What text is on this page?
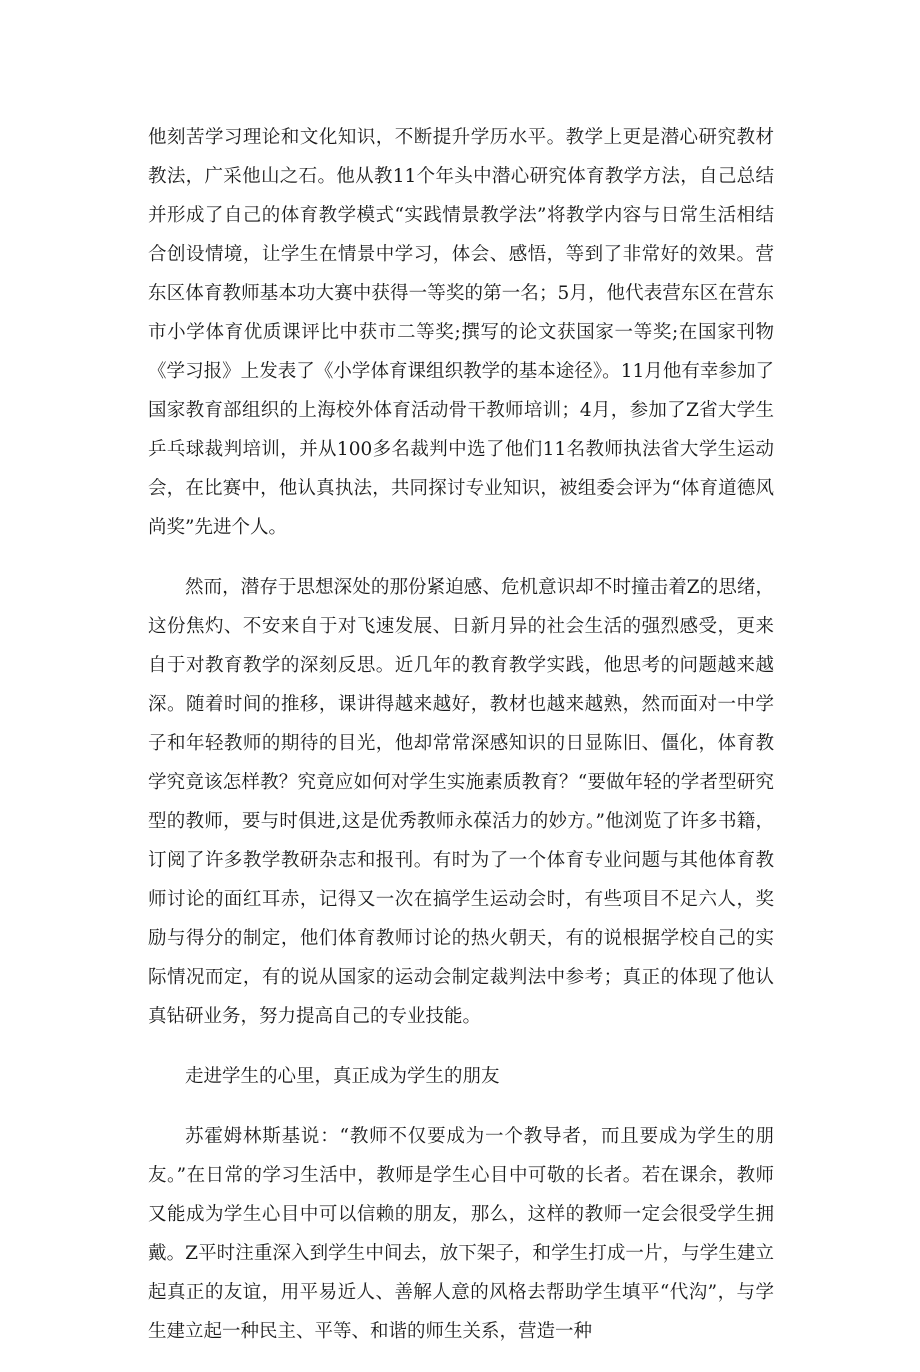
他刻苦学习理论和文化知识，不断提升学历水平。教学上更是潜心研究教材教法，广采他山之石。他从教11个年头中潜心研究体育教学方法，自己总结并形成了自己的体育教学模式“实践情景教学法”将教学内容与日常生活相结合创设情境，让学生在情景中学习，体会、感悟，等到了非常好的效果。营东区体育教师基本功大赛中获得一等奖的第一名；5月，他代表营东区在营东市小学体育优质课评比中获市二等奖;撰写的论文获国家一等奖;在国家刊物《学习报》上发表了《小学体育课组织教学的基本途径》。11月他有幸参加了国家教育部组织的上海校外体育活动骨干教师培训；4月，参加了Z省大学生乒乓球裁判培训，并从100多名裁判中选了他们11名教师执法省大学生运动会，在比赛中，他认真执法，共同探讨专业知识，被组委会评为“体育道德风尚奖”先进个人。

然而，潜存于思想深处的那份紧迫感、危机意识却不时撞击着Z的思绪，这份焦灼、不安来自于对飞速发展、日新月异的社会生活的强烈感受，更来自于对教育教学的深刻反思。近几年的教育教学实践，他思考的问题越来越深。随着时间的推移，课讲得越来越好，教材也越来越熟，然而面对一中学子和年轻教师的期待的目光，他却常常深感知识的日显陈旧、僵化，体育教学究竟该怎样教？究竟应如何对学生实施素质教育？“要做年轻的学者型研究型的教师，要与时俱进,这是优秀教师永葆活力的妙方。”他浏览了许多书籍，订阅了许多教学教研杂志和报刊。有时为了一个体育专业问题与其他体育教师讨论的面红耳赤，记得又一次在搞学生运动会时，有些项目不足六人，奖励与得分的制定，他们体育教师讨论的热火朝天，有的说根据学校自己的实际情况而定，有的说从国家的运动会制定裁判法中参考；真正的体现了他认真钻研业务，努力提高自己的专业技能。

走进学生的心里，真正成为学生的朋友

苏霍姆林斯基说：“教师不仅要成为一个教导者，而且要成为学生的朋友。”在日常的学习生活中，教师是学生心目中可敬的长者。若在课余，教师又能成为学生心目中可以信赖的朋友，那么，这样的教师一定会很受学生拥戴。Z平时注重深入到学生中间去，放下架子，和学生打成一片，与学生建立起真正的友谊，用平易近人、善解人意的风格去帮助学生填平“代沟”，与学生建立起一种民主、平等、和谐的师生关系，营造一种
